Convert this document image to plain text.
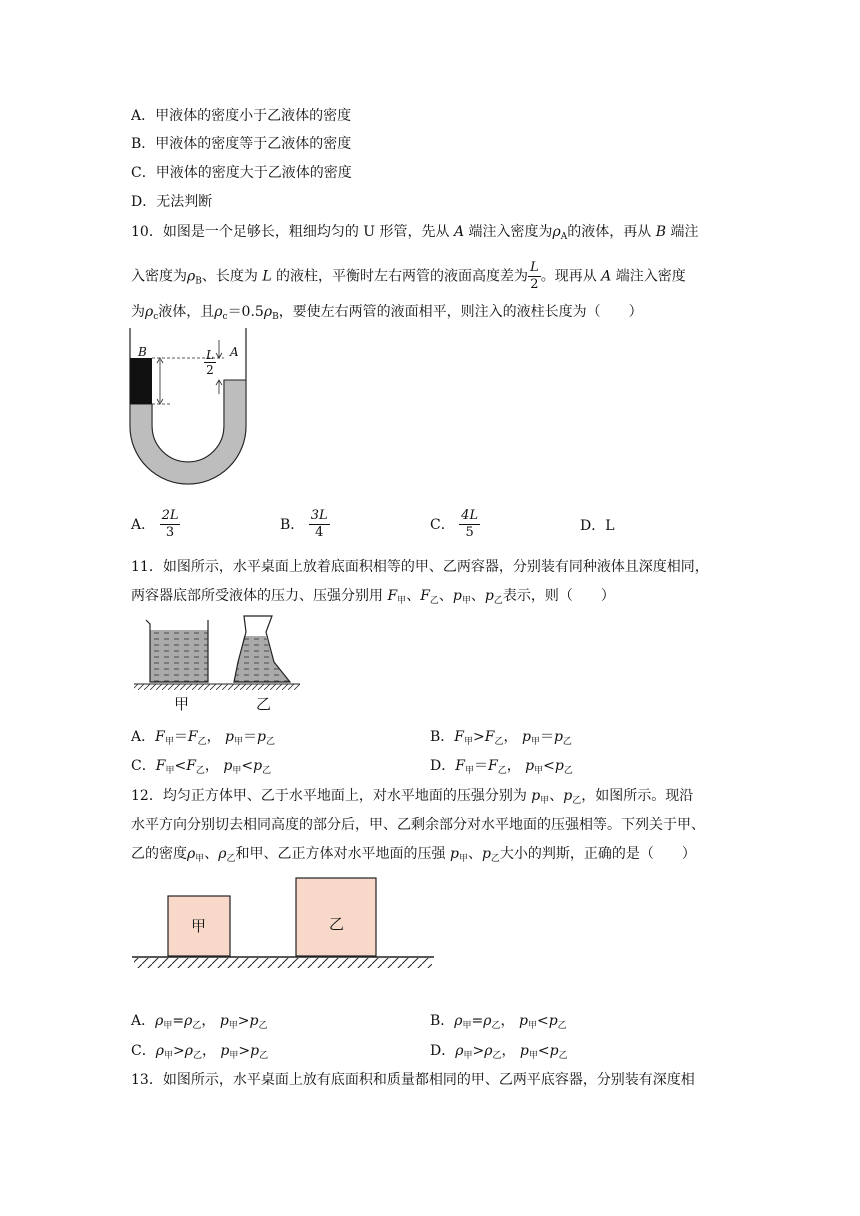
A．甲液体的密度小于乙液体的密度
B．甲液体的密度等于乙液体的密度
C．甲液体的密度大于乙液体的密度
D．无法判断
10．如图是一个足够长，粗细均匀的 U 形管，先从 A 端注入密度为$\rho_A$的液体，再从 B 端注
入密度为$\rho_B$、长度为 L 的液柱，平衡时左右两管的液面高度差为 $\frac{L}{2}$ 。现再从 A 端注入密度
为$\rho_c$液体，且$\rho_c=0.5\rho_B$，要使左右两管的液面相平，则注入的液柱长度为（　　）
B	A
L
$\frac{L}{2}$
A． $\frac{2L}{3}$	B． $\frac{3L}{4}$	C． $\frac{4L}{5}$	D．L
11．如图所示，水平桌面上放着底面积相等的甲、乙两容器，分别装有同种液体且深度相同，
两容器底部所受液体的压力、压强分别用 $F_甲$、$F_乙$、$p_甲$、$p_乙$表示，则（　　）
甲	乙
A．$F_甲=F_乙$， $p_甲=p_乙$	B．$F_甲>F_乙$， $p_甲=p_乙$
C．$F_甲<F_乙$， $p_甲<p_乙$	D．$F_甲=F_乙$， $p_甲<p_乙$
12．均匀正方体甲、乙于水平地面上，对水平地面的压强分别为 $p_甲$、$p_乙$，如图所示。现沿
水平方向分别切去相同高度的部分后，甲、乙剩余部分对水平地面的压强相等。下列关于甲、
乙的密度$\rho_甲$、$\rho_乙$和甲、乙正方体对水平地面的压强 $p_甲$、$p_乙$大小的判斯，正确的是（　　）
甲	乙
A．$\rho_甲=\rho_乙$， $p_甲>p_乙$	B．$\rho_甲=\rho_乙$， $p_甲<p_乙$
C．$\rho_甲>\rho_乙$， $p_甲>p_乙$	D．$\rho_甲>\rho_乙$， $p_甲<p_乙$
13．如图所示，水平桌面上放有底面积和质量都相同的甲、乙两平底容器，分别装有深度相
